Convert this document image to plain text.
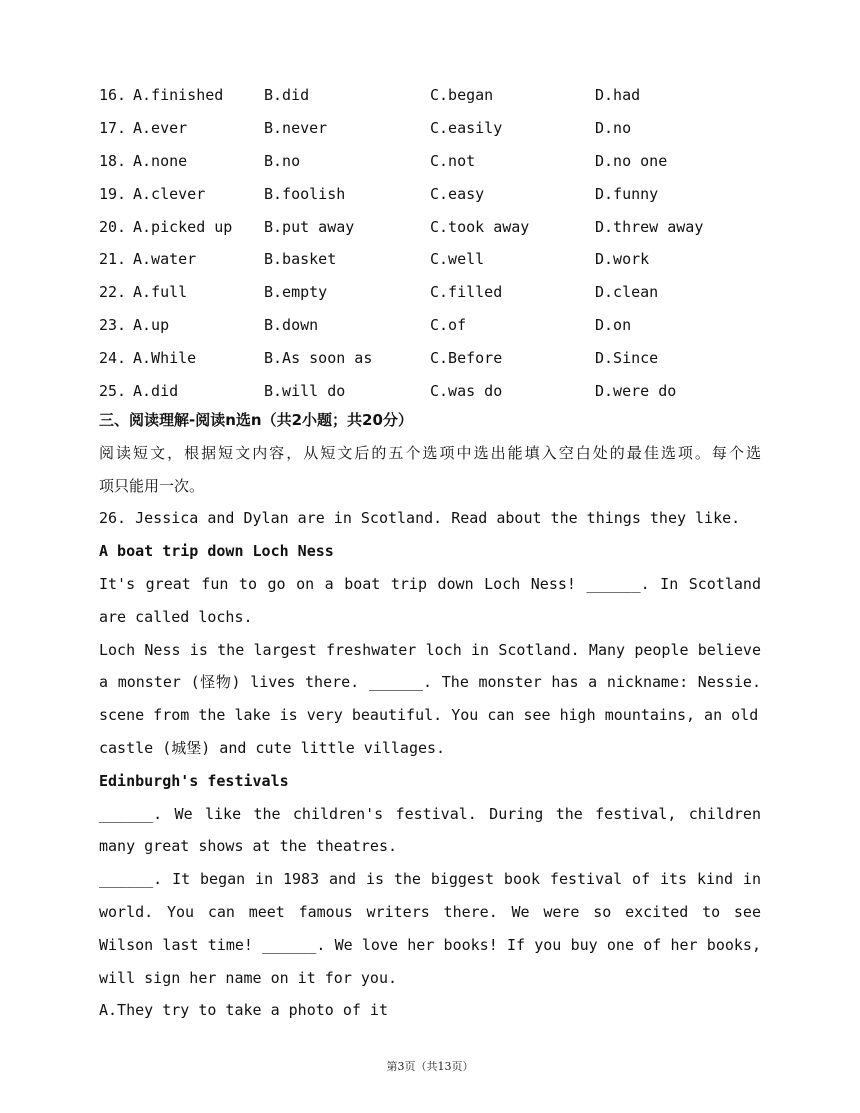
16. A.finished	B.did	C.began	D.had
17. A.ever	B.never	C.easily	D.no
18. A.none	B.no	C.not	D.no one
19. A.clever	B.foolish	C.easy	D.funny
20. A.picked up	B.put away	C.took away	D.threw away
21. A.water	B.basket	C.well	D.work
22. A.full	B.empty	C.filled	D.clean
23. A.up	B.down	C.of	D.on
24. A.While	B.As soon as	C.Before	D.Since
25. A.did	B.will do	C.was do	D.were do
三、阅读理解-阅读n选n（共2小题；共20分）
阅读短文，根据短文内容，从短文后的五个选项中选出能填入空白处的最佳选项。每个选
项只能用一次。
26. Jessica and Dylan are in Scotland. Read about the things they like.
A boat trip down Loch Ness
It's great fun to go on a boat trip down Loch Ness! ______. In Scotland
are called lochs.
Loch Ness is the largest freshwater loch in Scotland. Many people believe
a monster (怪物) lives there. ______. The monster has a nickname: Nessie.
scene from the lake is very beautiful. You can see high mountains, an old
castle (城堡) and cute little villages.
Edinburgh's festivals
______. We like the children's festival. During the festival, children
many great shows at the theatres.
______. It began in 1983 and is the biggest book festival of its kind in
world. You can meet famous writers there. We were so excited to see
Wilson last time! ______. We love her books! If you buy one of her books,
will sign her name on it for you.
A.They try to take a photo of it
第3页（共13页）
